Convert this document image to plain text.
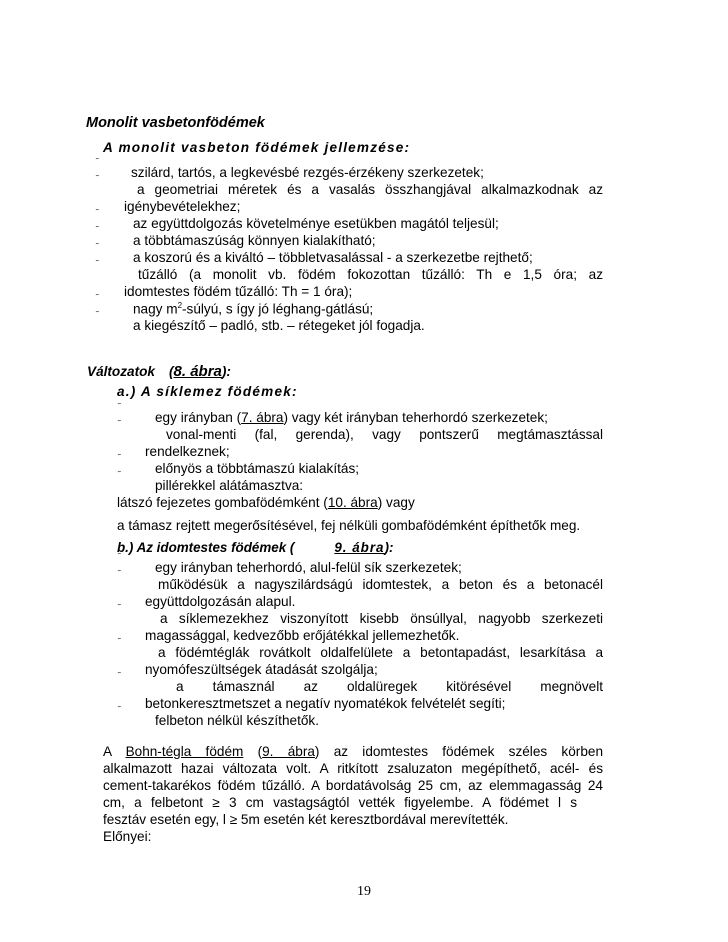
Monolit vasbetonfödémek
A monolit vasbeton födémek jellemzése:
˜
˜
˜
˜
˜
˜
˜
˜
szilárd, tartós, a legkevésbé rezgés-érzékeny szerkezetek;
a geometriai méretek és a vasalás összhangjával alkalmazkodnak az
igénybevételekhez;
az együttdolgozás követelménye esetükben magától teljesül;
a többtámaszúság könnyen kialakítható;
a koszorú és a kiváltó – többletvasalással - a szerkezetbe rejthető;
tűzálló (a monolit vb. födém fokozottan tűzálló: Th e 1,5 óra; az
idomtestes födém tűzálló: Th = 1 óra);
nagy $m^2$-súlyú, s így jó léghang-gátlású;
a kiegészítő – padló, stb. – rétegeket jól fogadja.
Változatok (8. ábra):
a.) A síklemez födémek:
˜
˜ egy irányban (7. ábra) vagy két irányban teherhordó szerkezetek;
vonal-menti (fal, gerenda), vagy pontszerű megtámasztással
rendelkeznek;
˜
˜ előnyös a többtámaszú kialakítás;
pillérekkel alátámasztva:
látszó fejezetes gombafödémként (10. ábra) vagy
a támasz rejtett megerősítésével, fej nélküli gombafödémként építhetők meg.
b.) Az idomtestes födémek (	9. ábra):
˜
˜ egy irányban teherhordó, alul-felül sík szerkezetek;
működésük a nagyszilárdságú idomtestek, a beton és a betonacél
együttdolgozásán alapul.
˜
a síklemezekhez viszonyított kisebb önsúllyal, nagyobb szerkezeti
magassággal, kedvezőbb erőjátékkal jellemezhetők.
˜
a födémtéglák rovátkolt oldalfelülete a betontapadást, lesarkítása a
nyomófeszültségek átadását szolgálja;
˜
a támasznál az oldalüregek kitörésével megnövelt
betonkeresztmetszet a negatív nyomatékok felvételét segíti;
˜
felbeton nélkül készíthetők.
A Bohn-tégla födém (9. ábra) az idomtestes födémek széles körben
alkalmazott hazai változata volt. A ritkított zsaluzaton megépíthető, acél- és
cement-takarékos födém tűzálló. A bordatávolság 25 cm, az elemmagasság 24
cm, a felbetont ≥ 3 cm vastagságtól vették figyelembe. A födémet l s
fesztáv esetén egy, l ≥ 5m esetén két keresztbordával merevítették.
Előnyei:
19
